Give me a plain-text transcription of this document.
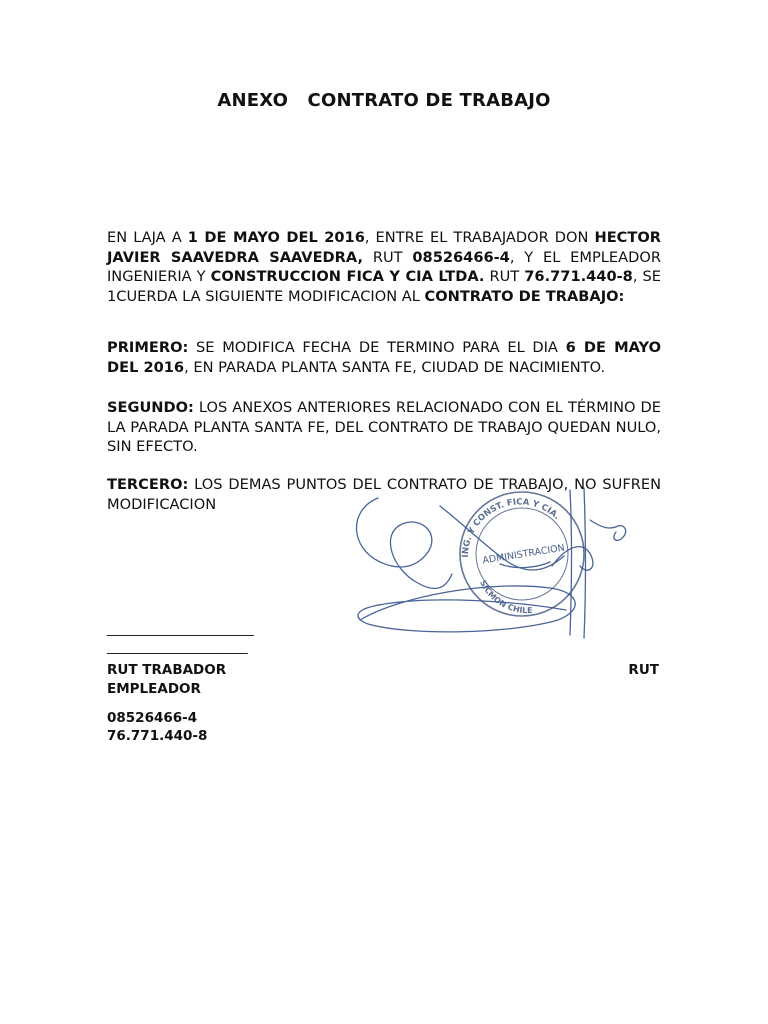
ANEXO   CONTRATO DE TRABAJO
EN LAJA A 1 DE MAYO DEL 2016, ENTRE EL TRABAJADOR DON HECTOR JAVIER SAAVEDRA SAAVEDRA, RUT 08526466-4, Y EL EMPLEADOR INGENIERIA Y CONSTRUCCION FICA Y CIA LTDA. RUT 76.771.440-8, SE 1CUERDA LA SIGUIENTE MODIFICACION AL CONTRATO DE TRABAJO:
PRIMERO: SE MODIFICA FECHA DE TERMINO PARA EL DIA 6 DE MAYO DEL 2016, EN PARADA PLANTA SANTA FE, CIUDAD DE NACIMIENTO.
SEGUNDO: LOS ANEXOS ANTERIORES RELACIONADO CON EL TÉRMINO DE LA PARADA PLANTA SANTA FE, DEL CONTRATO DE TRABAJO QUEDAN NULO, SIN EFECTO.
TERCERO: LOS DEMAS PUNTOS DEL CONTRATO DE TRABAJO, NO SUFREN MODIFICACION
ING. Y CONST. FICA Y CIA.
ADMINISTRACION
SICMON CHILE
________________________
_______________________
RUT TRABADOR	RUT
EMPLEADOR
08526466-4
76.771.440-8
